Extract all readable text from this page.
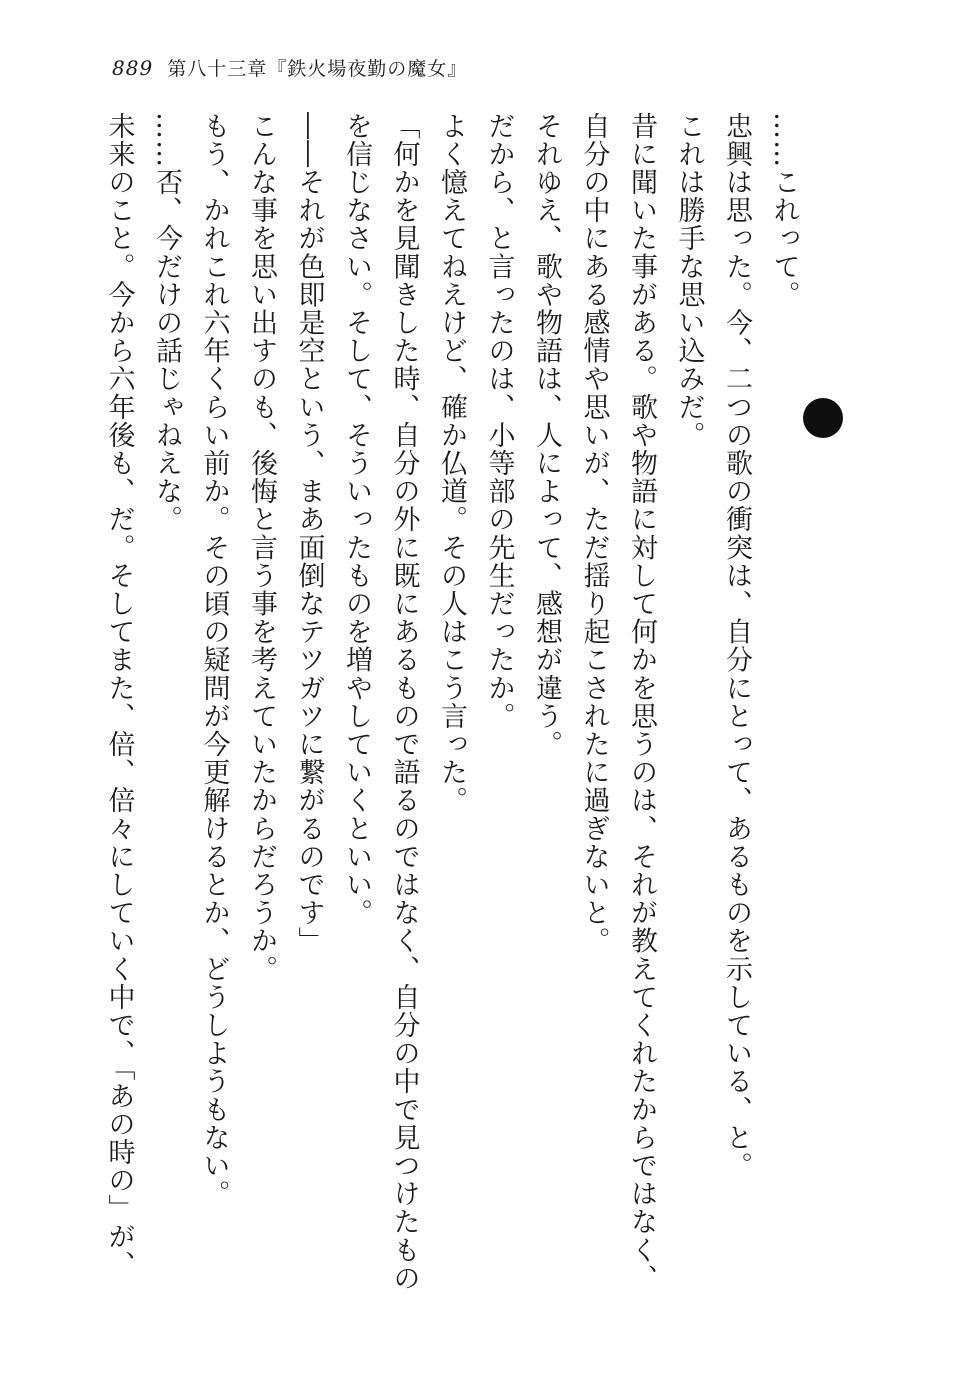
889 第八十三章『鉄火場夜勤の魔女』
……これって。
忠興は思った。今、二つの歌の衝突は、自分にとって、あるものを示している、と。
これは勝手な思い込みだ。
昔に聞いた事がある。歌や物語に対して何かを思うのは、それが教えてくれたからではなく、
自分の中にある感情や思いが、ただ揺り起こされたに過ぎないと。
それゆえ、歌や物語は、人によって、感想が違う。
だから、と言ったのは、小等部の先生だったか。
よく憶えてねえけど、確か仏道。その人はこう言った。
「何かを見聞きした時、自分の外に既にあるもので語るのではなく、自分の中で見つけたもの
を信じなさい。そして、そういったものを増やしていくといい。
――それが色即是空という、まあ面倒なテツガツに繋がるのです」
こんな事を思い出すのも、後悔と言う事を考えていたからだろうか。
もう、かれこれ六年くらい前か。その頃の疑問が今更解けるとか、どうしようもない。
……否、今だけの話じゃねえな。
未来のこと。今から六年後も、だ。そしてまた、倍、倍々にしていく中で、「あの時の」が、
